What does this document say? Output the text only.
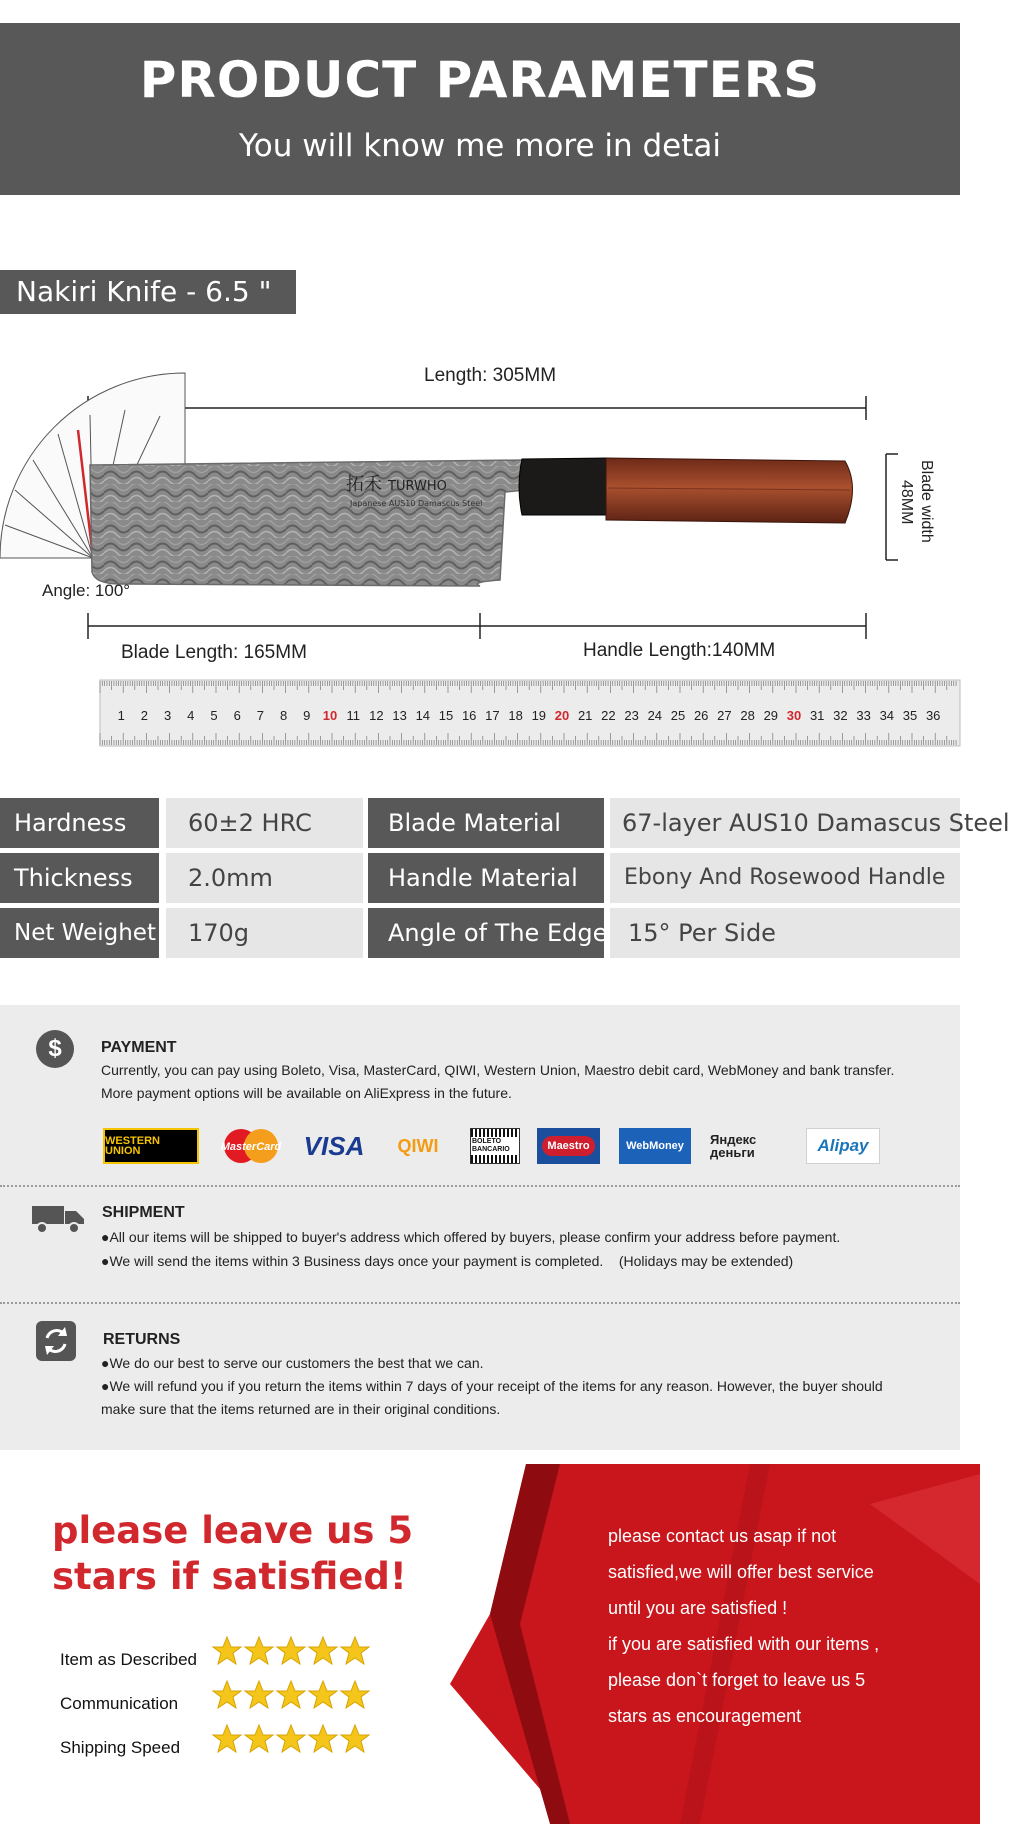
PRODUCT PARAMETERS
You will know me more in detai
Nakiri Knife - 6.5 "
拓禾 TURWHO
Japanese AUS10 Damascus Steel	Blade width
48MM
1 2 3 4 5 6 7 8 9 10 11 12 13 14 15 16 17 18 19 20 21 22 23 24 25 26 27 28 29 30 31 32 33 34 35 36
Length: 305MM
Angle: 100°
Blade Length: 165MM	Handle Length:140MM
Hardness	60±2 HRC	Blade Material	67-layer AUS10 Damascus Steel
Thickness	2.0mm	Handle Material	Ebony And Rosewood Handle
Net Weighet	170g	Angle of The Edge 15° Per Side
$	PAYMENT
Currently, you can pay using Boleto, Visa, MasterCard, QIWI, Western Union, Maestro debit card, WebMoney and bank transfer. More payment options will be available on AliExpress in the future.
WESTERN UNION	MasterCard VISA	QIWI	BOLETO BANCARIO	Maestro	WebMoney	Яндекс деньги	Alipay
SHIPMENT
●All our items will be shipped to buyer's address which offered by buyers, please confirm your address before payment.
●We will send the items within 3 Business days once your payment is completed.    (Holidays may be extended)
RETURNS
●We do our best to serve our customers the best that we can.
●We will refund you if you return the items within 7 days of your receipt of the items for any reason. However, the buyer should make sure that the items returned are in their original conditions.
please leave us 5
stars if satisfied!
Item as Described
Communication
Shipping Speed
please contact us asap if not
satisfied,we will offer best service
until you are satisfied !
if you are satisfied with our items ,
please don`t forget to leave us 5
stars as encouragement
